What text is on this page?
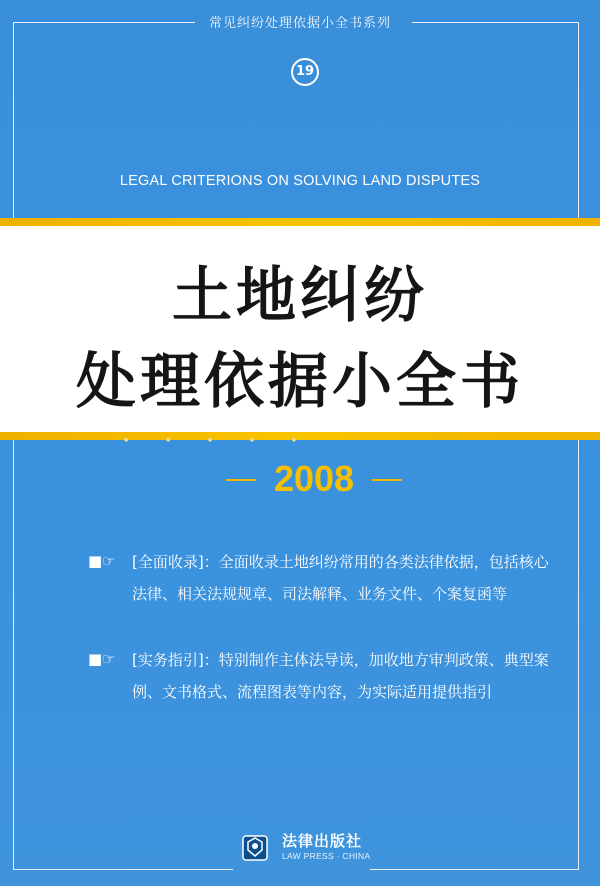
常见纠纷处理依据小全书系列
19
LEGAL CRITERIONS ON SOLVING LAND DISPUTES
● ● ● ● ●
土地纠纷
处理依据小全书
2008
■☞ [全面收录]：全面收录土地纠纷常用的各类法律依据，包括核心法律、相关法规规章、司法解释、业务文件、个案复函等
■☞ [实务指引]：特别制作主体法导读，加收地方审判政策、典型案例、文书格式、流程图表等内容，为实际适用提供指引
法律出版社
LAW PRESS · CHINA
